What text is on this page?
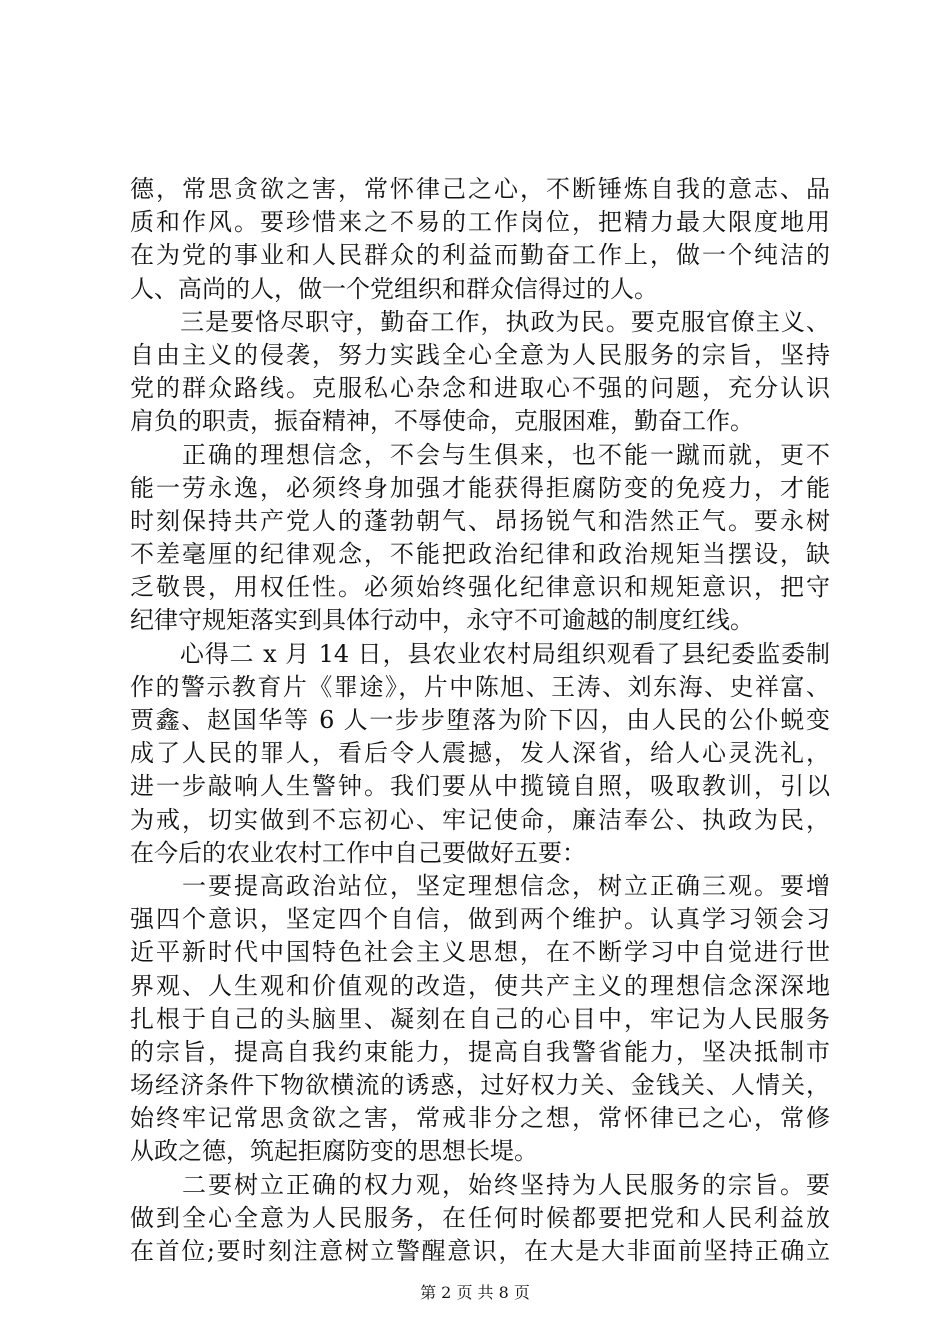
德，常思贪欲之害，常怀律己之心，不断锤炼自我的意志、品
质和作风。要珍惜来之不易的工作岗位，把精力最大限度地用
在为党的事业和人民群众的利益而勤奋工作上，做一个纯洁的
人、高尚的人，做一个党组织和群众信得过的人。
　　三是要恪尽职守，勤奋工作，执政为民。要克服官僚主义、
自由主义的侵袭，努力实践全心全意为人民服务的宗旨，坚持
党的群众路线。克服私心杂念和进取心不强的问题，充分认识
肩负的职责，振奋精神，不辱使命，克服困难，勤奋工作。
　　正确的理想信念，不会与生俱来，也不能一蹴而就，更不
能一劳永逸，必须终身加强才能获得拒腐防变的免疫力，才能
时刻保持共产党人的蓬勃朝气、昂扬锐气和浩然正气。要永树
不差毫厘的纪律观念，不能把政治纪律和政治规矩当摆设，缺
乏敬畏，用权任性。必须始终强化纪律意识和规矩意识，把守
纪律守规矩落实到具体行动中，永守不可逾越的制度红线。
　　心得二 x 月 14 日，县农业农村局组织观看了县纪委监委制
作的警示教育片《罪途》，片中陈旭、王涛、刘东海、史祥富、
贾鑫、赵国华等 6 人一步步堕落为阶下囚，由人民的公仆蜕变
成了人民的罪人，看后令人震撼，发人深省，给人心灵洗礼，
进一步敲响人生警钟。我们要从中揽镜自照，吸取教训，引以
为戒，切实做到不忘初心、牢记使命，廉洁奉公、执政为民，
在今后的农业农村工作中自己要做好五要：
　　一要提高政治站位，坚定理想信念，树立正确三观。要增
强四个意识，坚定四个自信，做到两个维护。认真学习领会习
近平新时代中国特色社会主义思想，在不断学习中自觉进行世
界观、人生观和价值观的改造，使共产主义的理想信念深深地
扎根于自己的头脑里、凝刻在自己的心目中，牢记为人民服务
的宗旨，提高自我约束能力，提高自我警省能力，坚决抵制市
场经济条件下物欲横流的诱惑，过好权力关、金钱关、人情关，
始终牢记常思贪欲之害，常戒非分之想，常怀律已之心，常修
从政之德，筑起拒腐防变的思想长堤。
　　二要树立正确的权力观，始终坚持为人民服务的宗旨。要
做到全心全意为人民服务，在任何时候都要把党和人民利益放
在首位;要时刻注意树立警醒意识，在大是大非面前坚持正确立
第 2 页 共 8 页
